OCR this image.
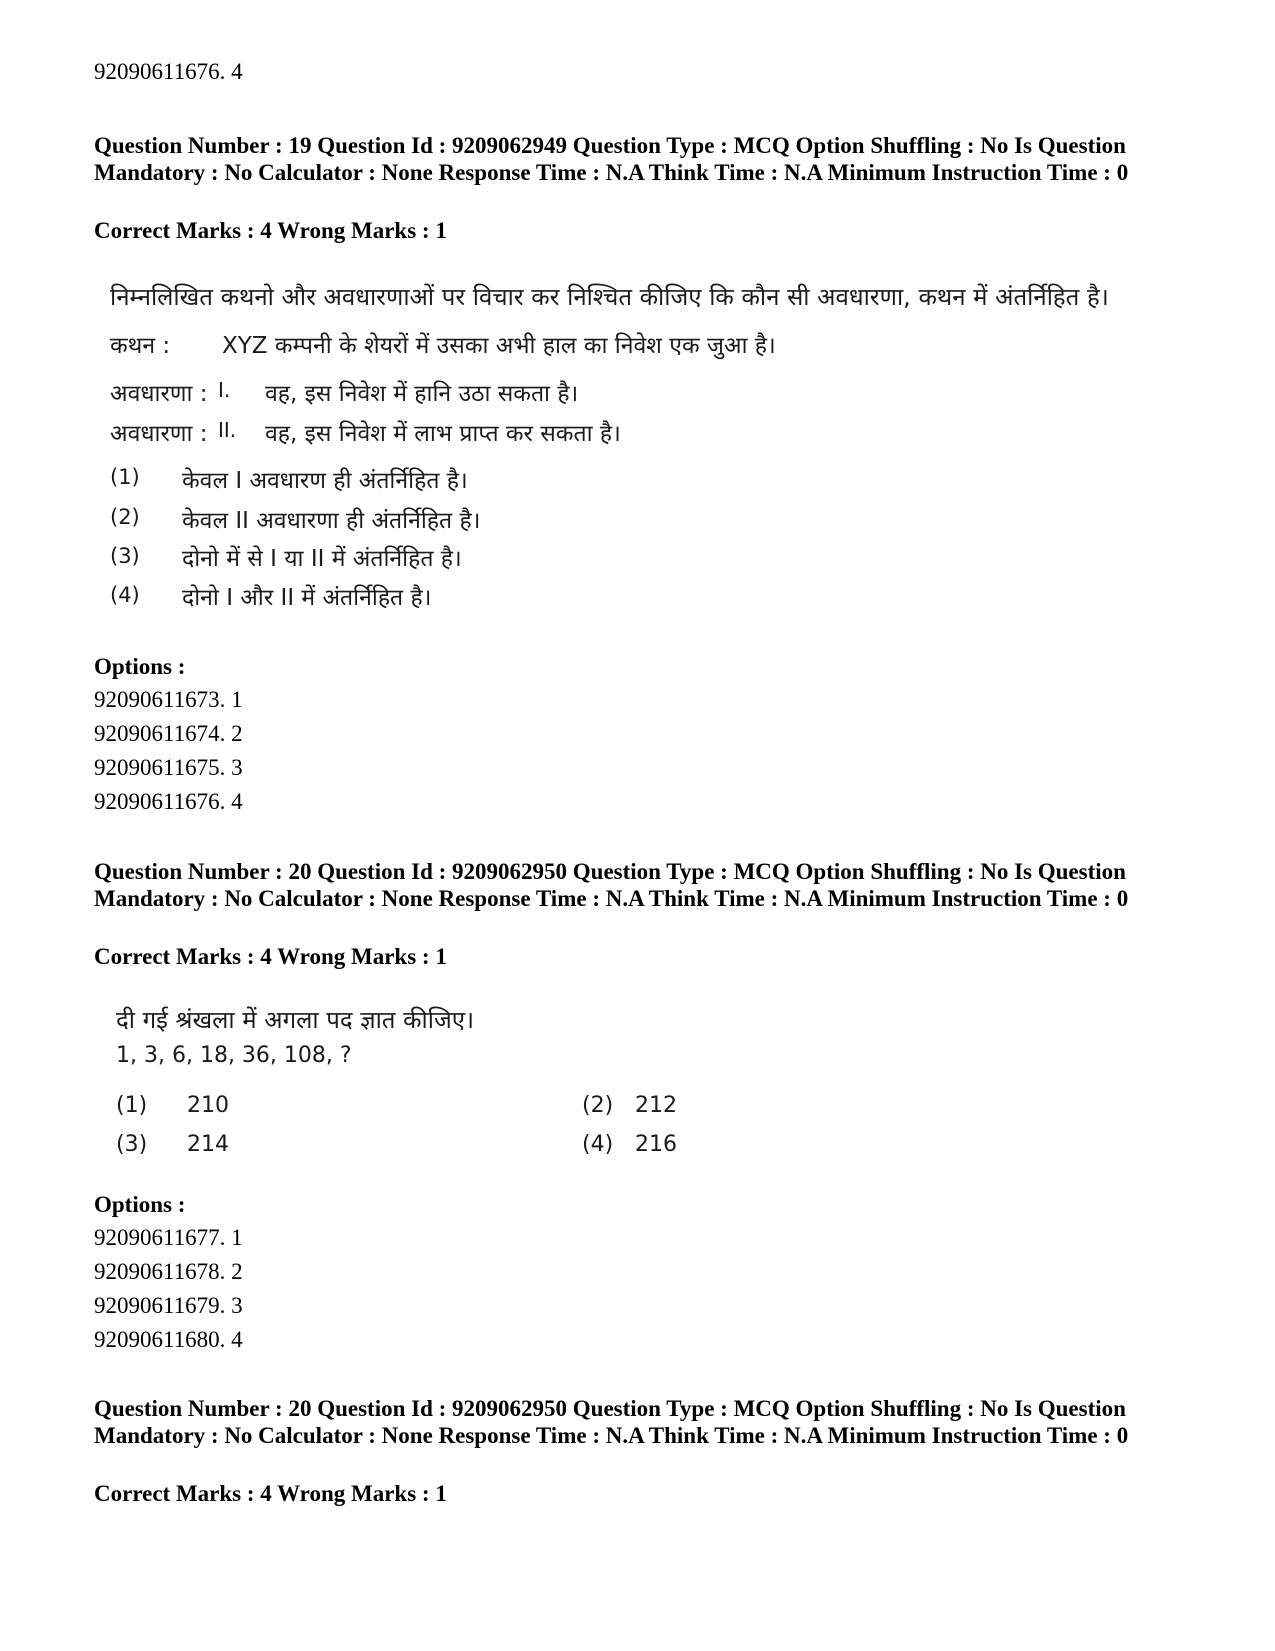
92090611676. 4
Question Number : 19 Question Id : 9209062949 Question Type : MCQ Option Shuffling : No Is Question Mandatory : No Calculator : None Response Time : N.A Think Time : N.A Minimum Instruction Time : 0
Correct Marks : 4 Wrong Marks : 1
निम्नलिखित कथनो और अवधारणाओं पर विचार कर निश्चित कीजिए कि कौन सी अवधारणा, कथन में अंतर्निहित है।
कथन : XYZ कम्पनी के शेयरों में उसका अभी हाल का निवेश एक जुआ है।
अवधारणा : I. वह, इस निवेश में हानि उठा सकता है।
अवधारणा : II. वह, इस निवेश में लाभ प्राप्त कर सकता है।
(1) केवल I अवधारण ही अंतर्निहित है।
(2) केवल II अवधारणा ही अंतर्निहित है।
(3) दोनो में से I या II में अंतर्निहित है।
(4) दोनो I और II में अंतर्निहित है।
Options :
92090611673. 1
92090611674. 2
92090611675. 3
92090611676. 4
Question Number : 20 Question Id : 9209062950 Question Type : MCQ Option Shuffling : No Is Question Mandatory : No Calculator : None Response Time : N.A Think Time : N.A Minimum Instruction Time : 0
Correct Marks : 4 Wrong Marks : 1
दी गई श्रंखला में अगला पद ज्ञात कीजिए।
1, 3, 6, 18, 36, 108, ?
(1) 210	(2) 212
(3) 214	(4) 216
Options :
92090611677. 1
92090611678. 2
92090611679. 3
92090611680. 4
Question Number : 20 Question Id : 9209062950 Question Type : MCQ Option Shuffling : No Is Question Mandatory : No Calculator : None Response Time : N.A Think Time : N.A Minimum Instruction Time : 0
Correct Marks : 4 Wrong Marks : 1
